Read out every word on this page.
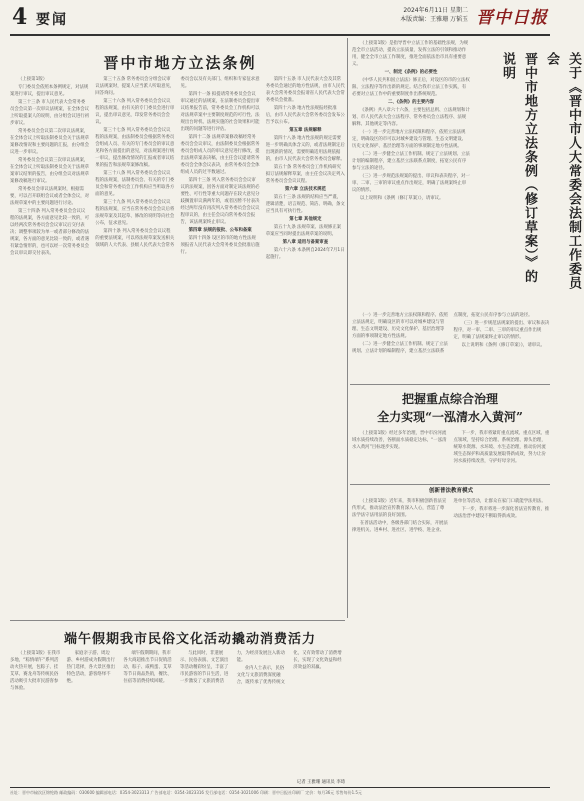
4 要闻
2024年6月11日 星期二
本版责编：王雅珊 万韬玉 晋中日报
晋中市地方立法条例

（上接第1版）

专门委员会依照本条例规定，对法规案进行审议，提出审议意见。

第三十三条 市人民代表大会常务委员会会议第一次审议法规案，在全体会议上听取提案人的说明，由分组会议进行初步审议。

常务委员会会议第二次审议法规案，在全体会议上听取法制委员会关于法规草案修改情况和主要问题的汇报，由分组会议进一步审议。

常务委员会会议第三次审议法规案，在全体会议上听取法制委员会关于法规草案审议结果的报告，由分组会议对法规草案修改稿进行审议。

常务委员会审议法规案时，根据需要，可以召开联组会议或者全体会议，对法规草案中的主要问题进行讨论。

第三十四条 列入常务委员会会议议程的法规案，各方面意见比较一致的，可以经两次常务委员会会议审议后交付表决；调整事项较为单一或者部分修改的法规案，各方面的意见比较一致的，或者遇有紧急情形的，也可以经一次常务委员会会议审议即交付表决。

第三十五条 常务委员会分组会议审议法规案时，提案人应当派人听取意见，回答询问。

第三十六条 列入常务委员会会议议程的法规案，由有关的专门委员会进行审议，提出审议意见，印发常务委员会会议。

第三十七条 列入常务委员会会议议程的法规案，由法制委员会根据常务委员会组成人员、有关的专门委员会的审议意见和各方面提出的意见，对法规案进行统一审议，提出修改情况的汇报或者审议结果的报告和法规草案修改稿。

第三十八条 列入常务委员会会议议程的法规案，法制委员会、有关的专门委员会和常务委员会工作机构应当听取各方面的意见。

第三十九条 列入常务委员会会议议程的法规案，应当在常务委员会会议后将法规草案及其起草、修改的说明等向社会公布，征求意见。

第四十条 列入常务委员会会议议程的重要法规案，可以将法规草案发送相关领域的人大代表、县级人民代表大会常务委员会以及有关部门、组织和专家征求意见。

第四十一条 拟提请常务委员会会议审议通过的法规案，在法制委员会提出审议结果报告前，常务委员会工作机构可以对法规草案中主要制度规范的可行性、法规出台时机、法规实施的社会效果和可能出现的问题等进行评估。

第四十二条 法规草案修改稿经常务委员会会议审议，由法制委员会根据常务委员会组成人员的审议意见进行修改，提出法规草案表决稿，由主任会议提请常务委员会全体会议表决，由常务委员会全体组成人员的过半数通过。

第四十三条 列入常务委员会会议审议的法规案，因各方面对制定该法规的必要性、可行性等重大问题存在较大意见分歧搁置审议满两年的，或者因暂不付表决经过两年没有再次列入常务委员会会议议程审议的，由主任会议向常务委员会报告，该法规案终止审议。

第四章 法规的报批、公布和备案

第四十四条 设区的市的地方性法规须报省人民代表大会常务委员会批准后施行。

第四十五条 市人民代表大会及其常务委员会通过的地方性法规，由市人民代表大会常务委员会报请省人民代表大会常务委员会批准。

第四十六条 地方性法规报经批准后，由市人民代表大会常务委员会发布公告予以公布。

第五章 法规解释

第四十八条 地方性法规的规定需要进一步明确具体含义的，或者法规制定后出现新的情况，需要明确适用法规依据的，由市人民代表大会常务委员会解释。

第五十条 常务委员会工作机构研究拟订法规解释草案，由主任会议决定列入常务委员会会议议程。

第六章 立法技术规范

第五十三条 法规的结构应当严谨，逻辑清楚，语言规范、简洁、明确，条文应当具有可执行性。

第七章 其他规定

第五十九条 法规草案、法规修正案草案应当同时提出法规草案的说明。

第八章 适用与备案审查

第六十六条 本条例自2024年7月1日起施行。

（上接第1版）是指导晋中立法工作的基础性法规，为规范全市立法活动，提高立法质量，发挥立法的引领和推动作用，健全全市立法工作制度，推进全面依法治市具有重要意义。

一、制定《条例》的必要性

《中华人民共和国立法法》修正后，对设区的市的立法权限、立法程序等作出新的规定。结合我市立法工作实践，有必要对立法工作中的重要制度作出系统规范。

二、《条例》的主要内容

《条例》共八章六十六条，主要包括总则、立法规划和计划、市人民代表大会立法程序、常务委员会立法程序、法规解释、其他规定等内容。

（一）进一步完善地方立法权限和程序。依照立法法规定，明确设区的市可以对城乡建设与管理、生态文明建设、历史文化保护、基层治理等方面的事项制定地方性法规。

（二）进一步健全立法工作机制。规定了立法规划、立法计划的编制程序，建立基层立法联系点制度，拓宽公民有序参与立法的途径。

（三）进一步规范法规案的提出、审议和表决程序，对一审、二审、三审的审议重点作出规定，明确了法规案终止审议的情形。

以上说明和《条例（修订草案）》，请审议。	关于《晋中市人大常委会法制工作委员会
晋中市地方立法条例（修订草案）》的说明

（一）进一步完善地方立法权限和程序。依照立法法规定，明确设区的市可以对城乡建设与管理、生态文明建设、历史文化保护、基层治理等方面的事项制定地方性法规。

（二）进一步健全立法工作机制。规定了立法规划、立法计划的编制程序，建立基层立法联系点制度，拓宽公民有序参与立法的途径。

（三）进一步规范法规案的提出、审议和表决程序，对一审、二审、三审的审议重点作出规定，明确了法规案终止审议的情形。

以上说明和《条例（修订草案）》，请审议。

把握重点综合治理
全力实现“一泓清水入黄河”

（上接第1版）经过多年治理，晋中市汾河流域水质持续改善，各断面水质稳定达标，“一泓清水入黄河”目标逐步实现。

下一步，我市将紧盯重点流域、重点区域、重点领域，坚持综合治理、系统治理、源头治理，统筹水资源、水环境、水生态治理，推动汾河流域生态保护和高质量发展取得新成效，努力让汾河水质持续改善，守护好母亲河。

创新普法教育模式

（上接第1版）近年来，我市积极创新普法宣传形式，推动法治宣传教育深入人心，营造了尊法学法守法用法的良好氛围。

在普法活动中，各级各部门结合实际，开展法律进机关、进乡村、进社区、进学校、进企业、进单位等活动，让群众在家门口就能学法用法。

下一步，我市将进一步深化普法宣传教育，推动法治晋中建设不断取得新成效。

端午假期我市民俗文化活动撬动消费活力

（上接第1版）在我市多地，“粽情端午”系列活动火热开展，包粽子、挂艾草、赛龙舟等传统民俗活动吸引大批市民游客参与体验。

家庭亲子游、周边游、乡村游成为假期出行热门选择，各大景区推出特色活动，游客络绎不绝。

端午假期期间，我市各大商超推出节日促销活动，粽子、咸鸭蛋、艾草等节日商品热销，餐饮、住宿等消费持续回暖。

与此同时，非遗展示、民俗表演、文艺演出等活动精彩纷呈，丰富了市民游客的节日生活，进一步激发了文旅消费活力，为经济发展注入新动能。

业内人士表示，民俗文化与文旅消费深度融合，既传承了优秀传统文化，又有效带动了消费增长，实现了文化效益和经济效益的双赢。

记者 王雅珊 通讯员 李琦
社址：晋中市榆次区锦纶路 邮政编码：030600 编辑部电话：0354-3023313 广告部电话：0354-3023316 发行部电话：0354-3021006 印刷：晋中日报社印刷厂 定价：每月36元 零售每份1.5元
